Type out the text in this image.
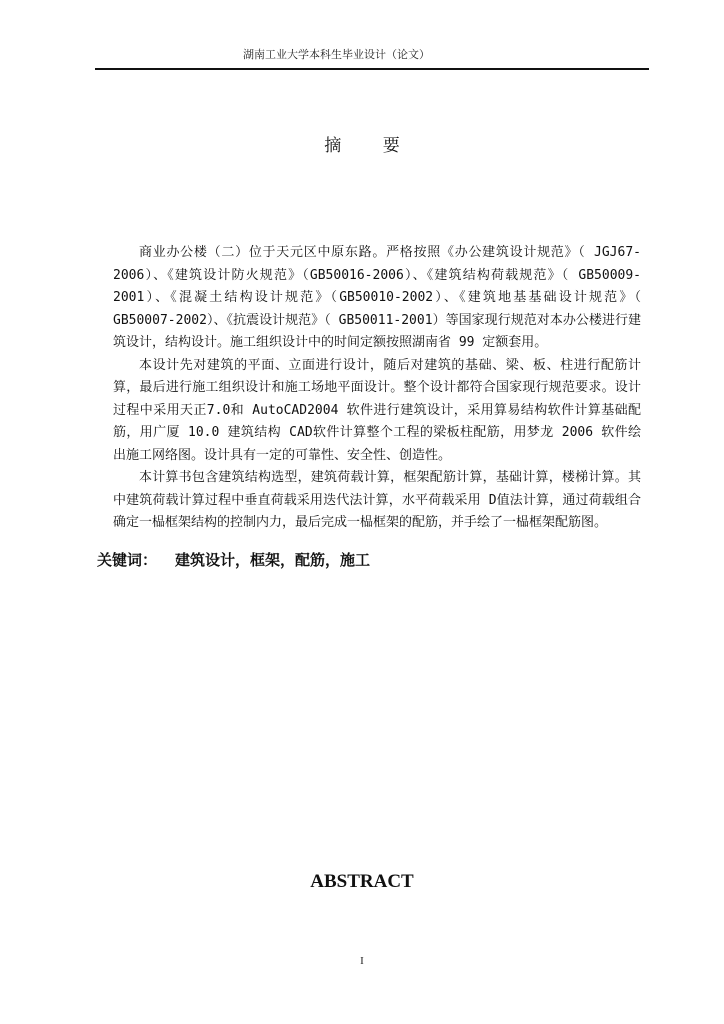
湖南工业大学本科生毕业设计（论文）
摘 要

商业办公楼（二）位于天元区中原东路。严格按照《办公建筑设计规范》（ JGJ67-2006）、《建筑设计防火规范》（GB50016-2006）、《建筑结构荷载规范》（ GB50009-2001）、《混凝土结构设计规范》（GB50010-2002）、《建筑地基基础设计规范》（ GB50007-2002）、《抗震设计规范》（ GB50011-2001）等国家现行规范对本办公楼进行建筑设计，结构设计。施工组织设计中的时间定额按照湖南省 99 定额套用。

本设计先对建筑的平面、立面进行设计，随后对建筑的基础、梁、板、柱进行配筋计算，最后进行施工组织设计和施工场地平面设计。整个设计都符合国家现行规范要求。设计过程中采用天正7.0和 AutoCAD2004 软件进行建筑设计，采用算易结构软件计算基础配筋，用广厦 10.0 建筑结构 CAD软件计算整个工程的梁板柱配筋，用梦龙 2006 软件绘出施工网络图。设计具有一定的可靠性、安全性、创造性。

本计算书包含建筑结构选型，建筑荷载计算，框架配筋计算，基础计算，楼梯计算。其中建筑荷载计算过程中垂直荷载采用迭代法计算，水平荷载采用 D值法计算，通过荷载组合确定一榀框架结构的控制内力，最后完成一榀框架的配筋，并手绘了一榀框架配筋图。

关键词： 建筑设计，框架，配筋，施工
ABSTRACT
I
